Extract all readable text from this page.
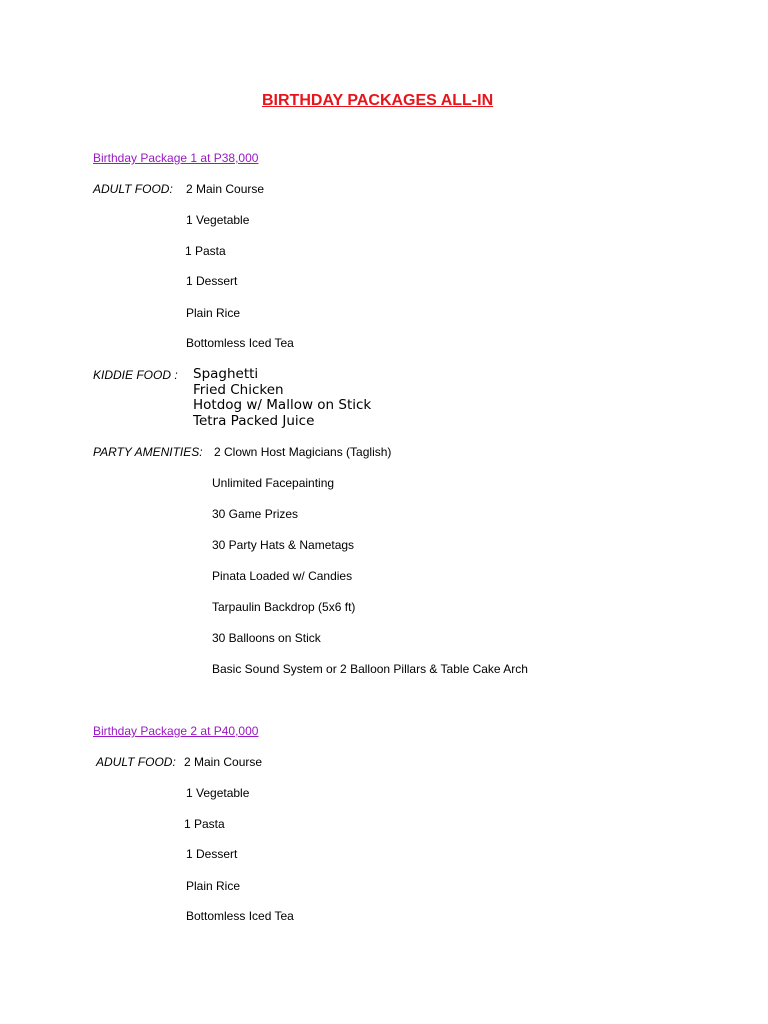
BIRTHDAY PACKAGES ALL-IN
Birthday Package 1 at P38,000
ADULT FOOD: 2 Main Course
1 Vegetable
1 Pasta
1 Dessert
Plain Rice
Bottomless Iced Tea
KIDDIE FOOD : Spaghetti
Fried Chicken
Hotdog w/ Mallow on Stick
Tetra Packed Juice
PARTY AMENITIES: 2 Clown Host Magicians (Taglish)
Unlimited Facepainting
30 Game Prizes
30 Party Hats & Nametags
Pinata Loaded w/ Candies
Tarpaulin Backdrop (5x6 ft)
30 Balloons on Stick
Basic Sound System or 2 Balloon Pillars & Table Cake Arch
Birthday Package 2 at P40,000
ADULT FOOD: 2 Main Course
1 Vegetable
1 Pasta
1 Dessert
Plain Rice
Bottomless Iced Tea
